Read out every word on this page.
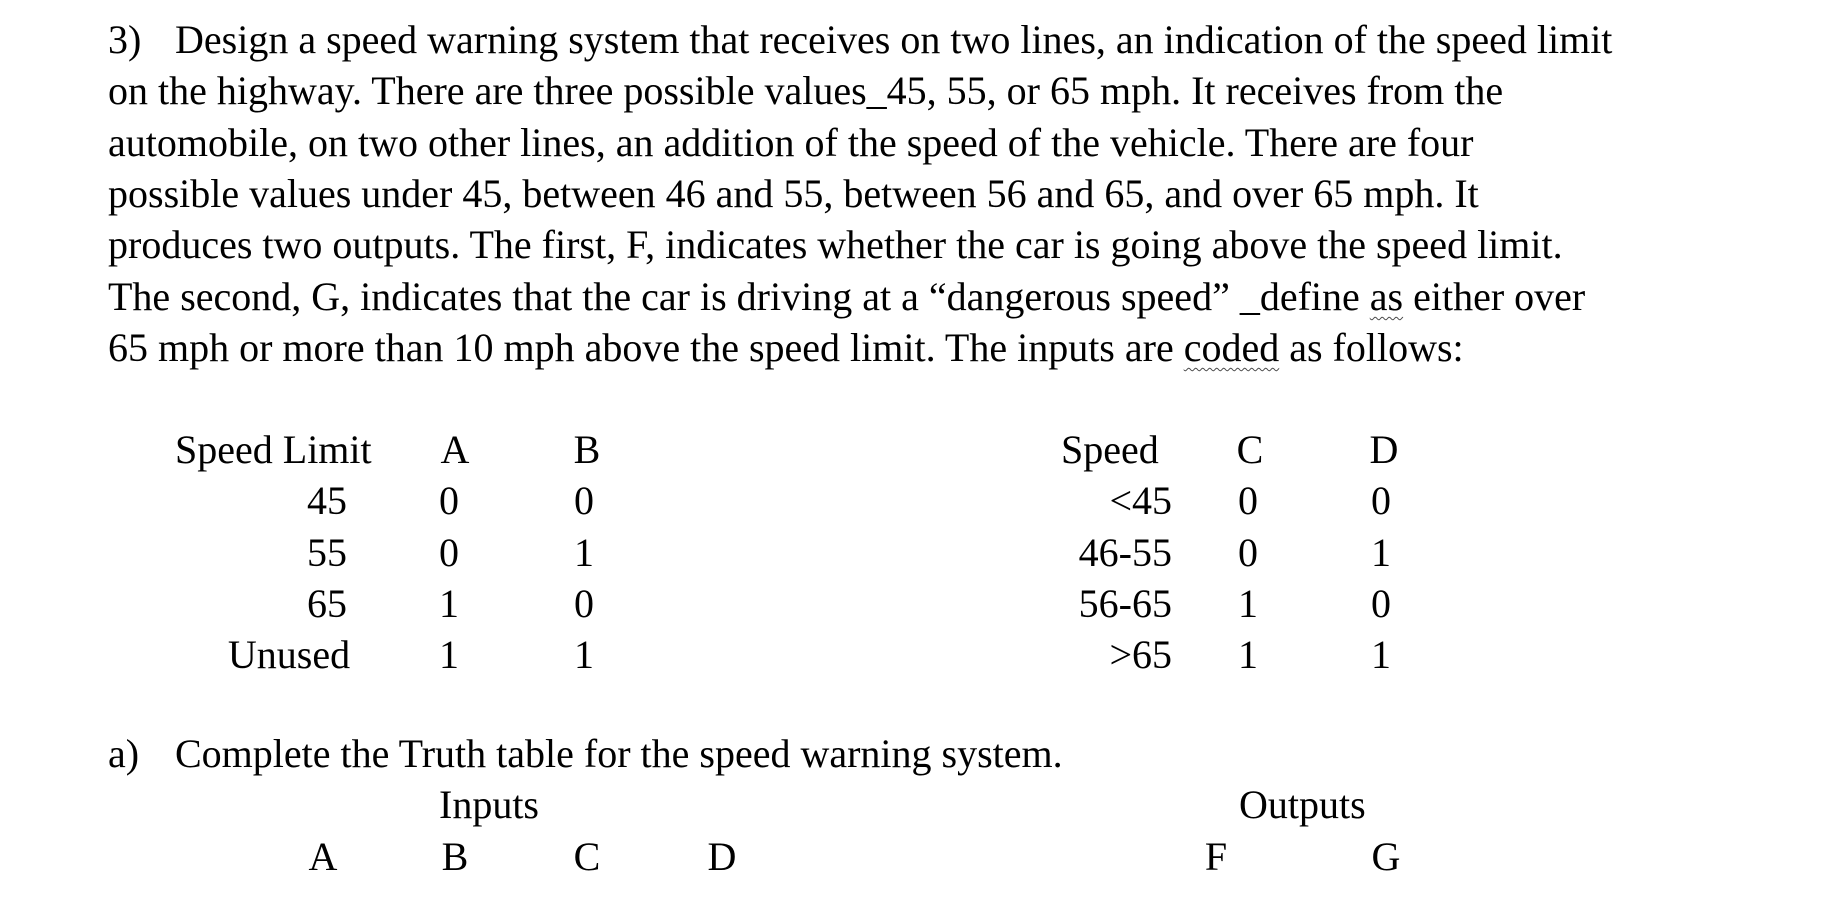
3) Design a speed warning system that receives on two lines, an indication of the speed limit
on the highway. There are three possible values_45, 55, or 65 mph. It receives from the
automobile, on two other lines, an addition of the speed of the vehicle. There are four
possible values under 45, between 46 and 55, between 56 and 65, and over 65 mph. It
produces two outputs. The first, F, indicates whether the car is going above the speed limit.
The second, G, indicates that the car is driving at a “dangerous speed” _define as either over
65 mph or more than 10 mph above the speed limit. The inputs are coded as follows:
Speed Limit A	B
45 0	0
55 0	1
65 1	0
Unused 1	1
Speed C	D
<45 0	0
46-55 0	1
56-65 1	0
>65 1	1
a) Complete the Truth table for the speed warning system.
Inputs	Outputs
A	B	C	D	F	G
